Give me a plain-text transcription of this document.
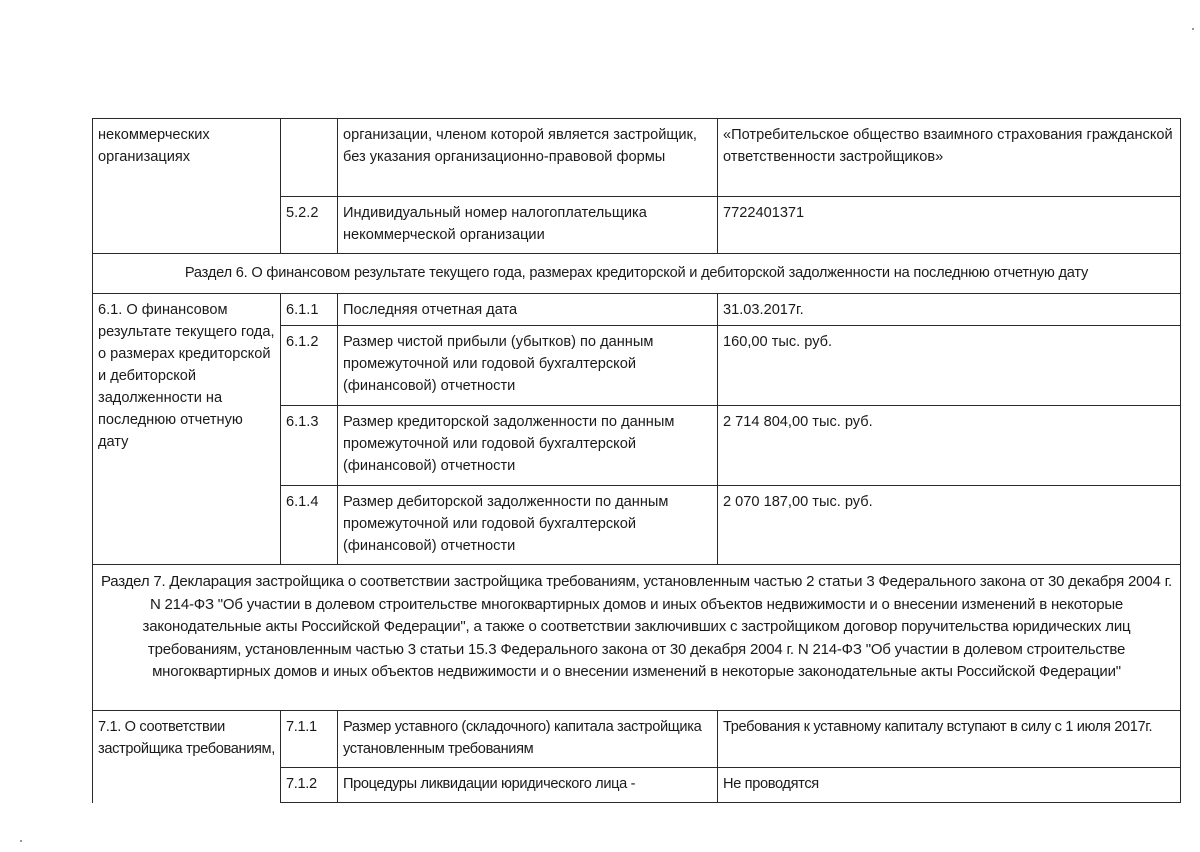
некоммерческих организациях		организации, членом которой является застройщик, без указания организационно-правовой формы	«Потребительское общество взаимного страхования гражданской ответственности застройщиков»
	5.2.2	Индивидуальный номер налогоплательщика некоммерческой организации	7722401371
Раздел 6. О финансовом результате текущего года, размерах кредиторской и дебиторской задолженности на последнюю отчетную дату			
6.1. О финансовом результате текущего года, о размерах кредиторской и дебиторской задолженности на последнюю отчетную дату	6.1.1	Последняя отчетная дата	31.03.2017г.
	6.1.2	Размер чистой прибыли (убытков) по данным промежуточной или годовой бухгалтерской (финансовой) отчетности	160,00 тыс. руб.
	6.1.3	Размер кредиторской задолженности по данным промежуточной или годовой бухгалтерской (финансовой) отчетности	2 714 804,00 тыс. руб.
	6.1.4	Размер дебиторской задолженности по данным промежуточной или годовой бухгалтерской (финансовой) отчетности	2 070 187,00 тыс. руб.
Раздел 7. Декларация застройщика о соответствии застройщика требованиям, установленным частью 2 статьи 3 Федерального закона от 30 декабря 2004 г. N 214-ФЗ "Об участии в долевом строительстве многоквартирных домов и иных объектов недвижимости и о внесении изменений в некоторые законодательные акты Российской Федерации", а также о соответствии заключивших с застройщиком договор поручительства юридических лиц требованиям, установленным частью 3 статьи 15.3 Федерального закона от 30 декабря 2004 г. N 214-ФЗ "Об участии в долевом строительстве многоквартирных домов и иных объектов недвижимости и о внесении изменений в некоторые законодательные акты Российской Федерации"			
7.1. О соответствии застройщика требованиям,	7.1.1	Размер уставного (складочного) капитала застройщика установленным требованиям	Требования к уставному капиталу вступают в силу с 1 июля 2017г.
	7.1.2	Процедуры ликвидации юридического лица -	Не проводятся
